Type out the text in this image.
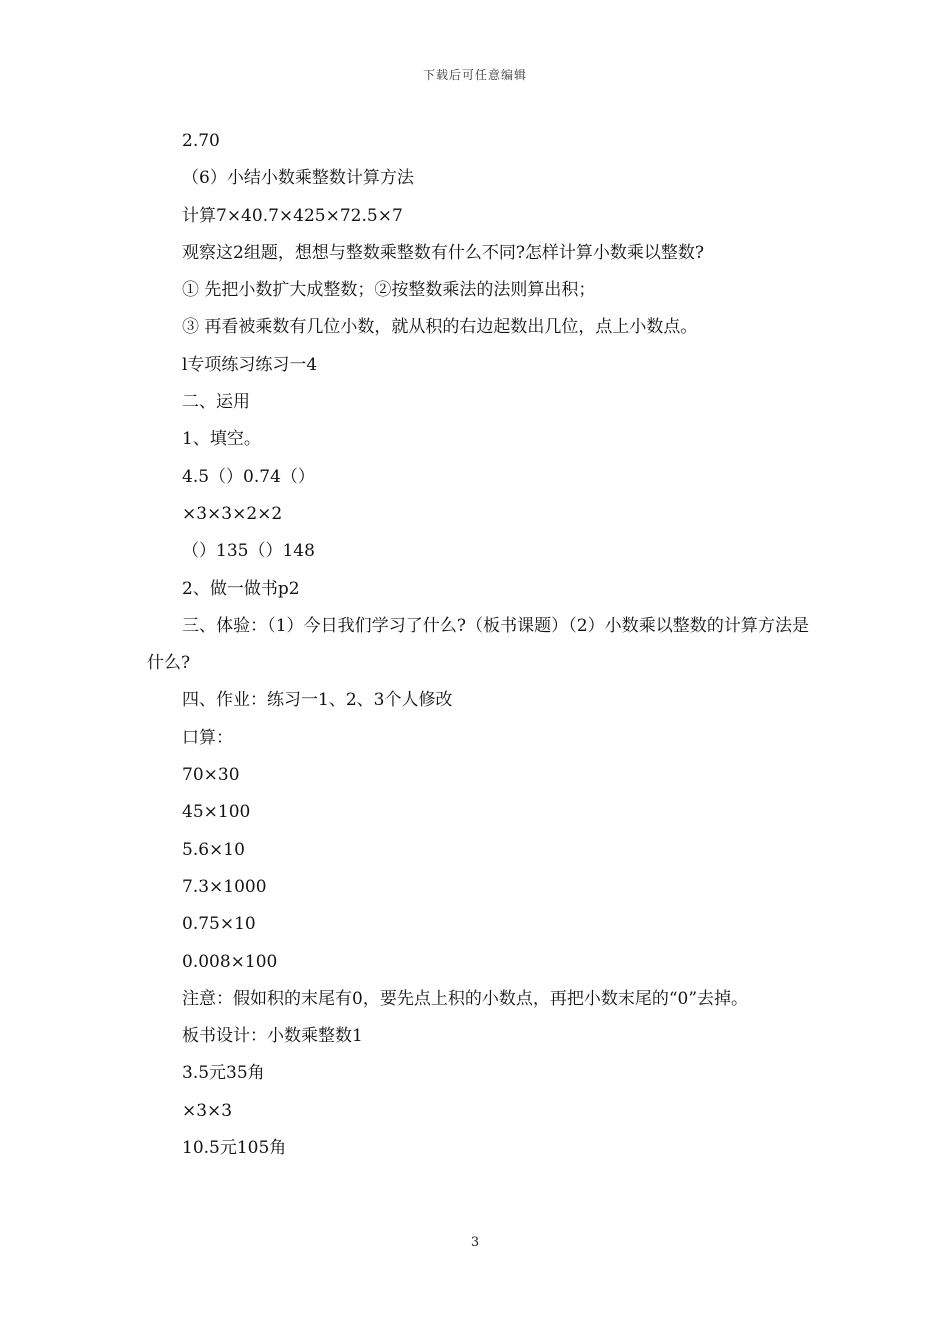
下载后可任意编辑
2.70
（6）小结小数乘整数计算方法
计算7×40.7×425×72.5×7
观察这2组题，想想与整数乘整数有什么不同?怎样计算小数乘以整数?
① 先把小数扩大成整数；②按整数乘法的法则算出积；
③ 再看被乘数有几位小数，就从积的右边起数出几位，点上小数点。
l专项练习练习一4
二、运用
1、填空。
4.5（）0.74（）
×3×3×2×2
（）135（）148
2、做一做书p2
三、体验：（1）今日我们学习了什么?（板书课题）（2）小数乘以整数的计算方法是什么?
四、作业：练习一1、2、3个人修改
口算：
70×30
45×100
5.6×10
7.3×1000
0.75×10
0.008×100
注意：假如积的末尾有0，要先点上积的小数点，再把小数末尾的“0”去掉。
板书设计：小数乘整数1
3.5元35角
×3×3
10.5元105角
3
